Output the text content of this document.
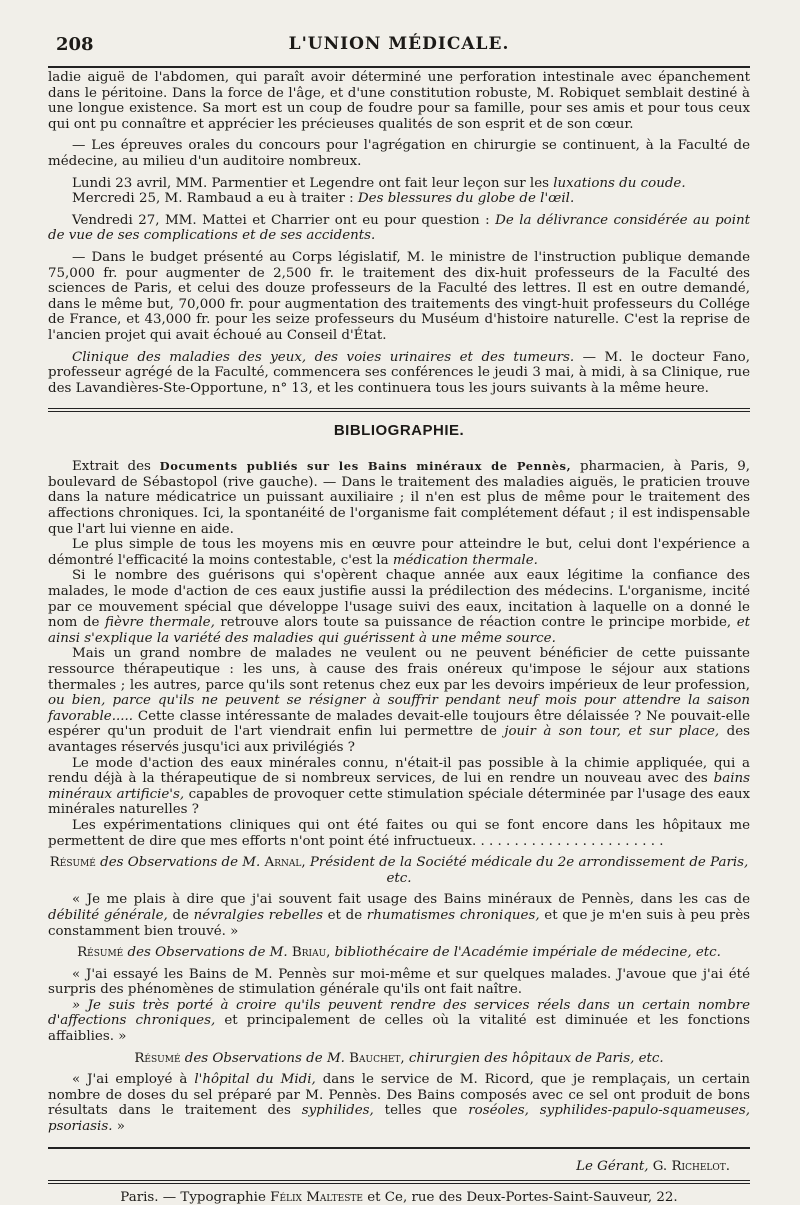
208	L'UNION MÉDICALE.

ladie aiguë de l'abdomen, qui paraît avoir déterminé une perforation intestinale avec épanchement dans le péritoine. Dans la force de l'âge, et d'une constitution robuste, M. Robiquet semblait destiné à une longue existence. Sa mort est un coup de foudre pour sa famille, pour ses amis et pour tous ceux qui ont pu connaître et apprécier les précieuses qualités de son esprit et de son cœur.

— Les épreuves orales du concours pour l'agrégation en chirurgie se continuent, à la Faculté de médecine, au milieu d'un auditoire nombreux.

Lundi 23 avril, MM. Parmentier et Legendre ont fait leur leçon sur les luxations du coude.

Mercredi 25, M. Rambaud a eu à traiter : Des blessures du globe de l'œil.

Vendredi 27, MM. Mattei et Charrier ont eu pour question : De la délivrance considérée au point de vue de ses complications et de ses accidents.

— Dans le budget présenté au Corps législatif, M. le ministre de l'instruction publique demande 75,000 fr. pour augmenter de 2,500 fr. le traitement des dix-huit professeurs de la Faculté des sciences de Paris, et celui des douze professeurs de la Faculté des lettres. Il est en outre demandé, dans le même but, 70,000 fr. pour augmentation des traitements des vingt-huit professeurs du Collége de France, et 43,000 fr. pour les seize professeurs du Muséum d'histoire naturelle. C'est la reprise de l'ancien projet qui avait échoué au Conseil d'État.

Clinique des maladies des yeux, des voies urinaires et des tumeurs. — M. le docteur Fano, professeur agrégé de la Faculté, commencera ses conférences le jeudi 3 mai, à midi, à sa Clinique, rue des Lavandières-Ste-Opportune, n° 13, et les continuera tous les jours suivants à la même heure.

BIBLIOGRAPHIE.

Extrait des Documents publiés sur les Bains minéraux de Pennès, pharmacien, à Paris, 9, boulevard de Sébastopol (rive gauche). — Dans le traitement des maladies aiguës, le praticien trouve dans la nature médicatrice un puissant auxiliaire ; il n'en est plus de même pour le traitement des affections chroniques. Ici, la spontanéité de l'organisme fait complétement défaut ; il est indispensable que l'art lui vienne en aide.

Le plus simple de tous les moyens mis en œuvre pour atteindre le but, celui dont l'expérience a démontré l'efficacité la moins contestable, c'est la médication thermale.

Si le nombre des guérisons qui s'opèrent chaque année aux eaux légitime la confiance des malades, le mode d'action de ces eaux justifie aussi la prédilection des médecins. L'organisme, incité par ce mouvement spécial que développe l'usage suivi des eaux, incitation à laquelle on a donné le nom de fièvre thermale, retrouve alors toute sa puissance de réaction contre le principe morbide, et ainsi s'explique la variété des maladies qui guérissent à une même source.

Mais un grand nombre de malades ne veulent ou ne peuvent bénéficier de cette puissante ressource thérapeutique : les uns, à cause des frais onéreux qu'impose le séjour aux stations thermales ; les autres, parce qu'ils sont retenus chez eux par les devoirs impérieux de leur profession, ou bien, parce qu'ils ne peuvent se résigner à souffrir pendant neuf mois pour attendre la saison favorable..... Cette classe intéressante de malades devait-elle toujours être délaissée ? Ne pouvait-elle espérer qu'un produit de l'art viendrait enfin lui permettre de jouir à son tour, et sur place, des avantages réservés jusqu'ici aux privilégiés ?

Le mode d'action des eaux minérales connu, n'était-il pas possible à la chimie appliquée, qui a rendu déjà à la thérapeutique de si nombreux services, de lui en rendre un nouveau avec des bains minéraux artificie's, capables de provoquer cette stimulation spéciale déterminée par l'usage des eaux minérales naturelles ?

Les expérimentations cliniques qui ont été faites ou qui se font encore dans les hôpitaux me permettent de dire que mes efforts n'ont point été infructueux. . . . . . . . . . . . . . . . . . . . . . .

Résumé des Observations de M. Arnal, Président de la Société médicale du 2e arrondissement de Paris, etc.

« Je me plais à dire que j'ai souvent fait usage des Bains minéraux de Pennès, dans les cas de débilité générale, de névralgies rebelles et de rhumatismes chroniques, et que je m'en suis à peu près constamment bien trouvé. »

Résumé des Observations de M. Briau, bibliothécaire de l'Académie impériale de médecine, etc.

« J'ai essayé les Bains de M. Pennès sur moi-même et sur quelques malades. J'avoue que j'ai été surpris des phénomènes de stimulation générale qu'ils ont fait naître.

» Je suis très porté à croire qu'ils peuvent rendre des services réels dans un certain nombre d'affections chroniques, et principalement de celles où la vitalité est diminuée et les fonctions affaiblies. »

Résumé des Observations de M. Bauchet, chirurgien des hôpitaux de Paris, etc.

« J'ai employé à l'hôpital du Midi, dans le service de M. Ricord, que je remplaçais, un certain nombre de doses du sel préparé par M. Pennès. Des Bains composés avec ce sel ont produit de bons résultats dans le traitement des syphilides, telles que roséoles, syphilides-papulo-squameuses, psoriasis. »

Le Gérant, G. Richelot.
Paris. — Typographie Félix Malteste et Ce, rue des Deux-Portes-Saint-Sauveur, 22.
